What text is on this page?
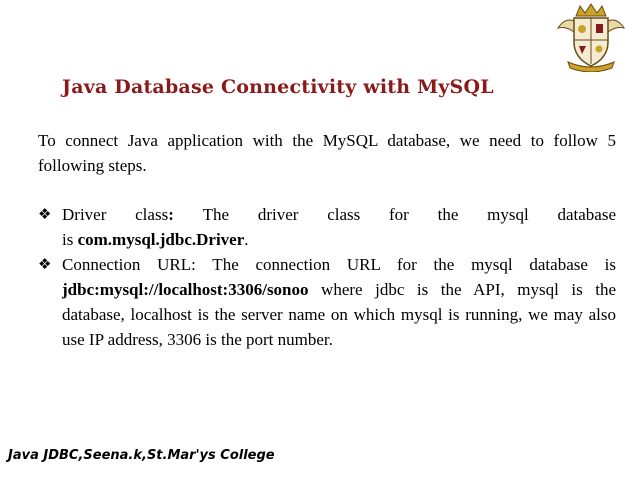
Java Database Connectivity with MySQL
To connect Java application with the MySQL database, we need to follow 5 following steps.
❖ Driver class: The driver class for the mysql database
is com.mysql.jdbc.Driver.
❖ Connection URL: The connection URL for the mysql database is jdbc:mysql://localhost:3306/sonoo where jdbc is the API, mysql is the database, localhost is the server name on which mysql is running, we may also use IP address, 3306 is the port number.
Java JDBC,Seena.k,St.Mar'ys College
